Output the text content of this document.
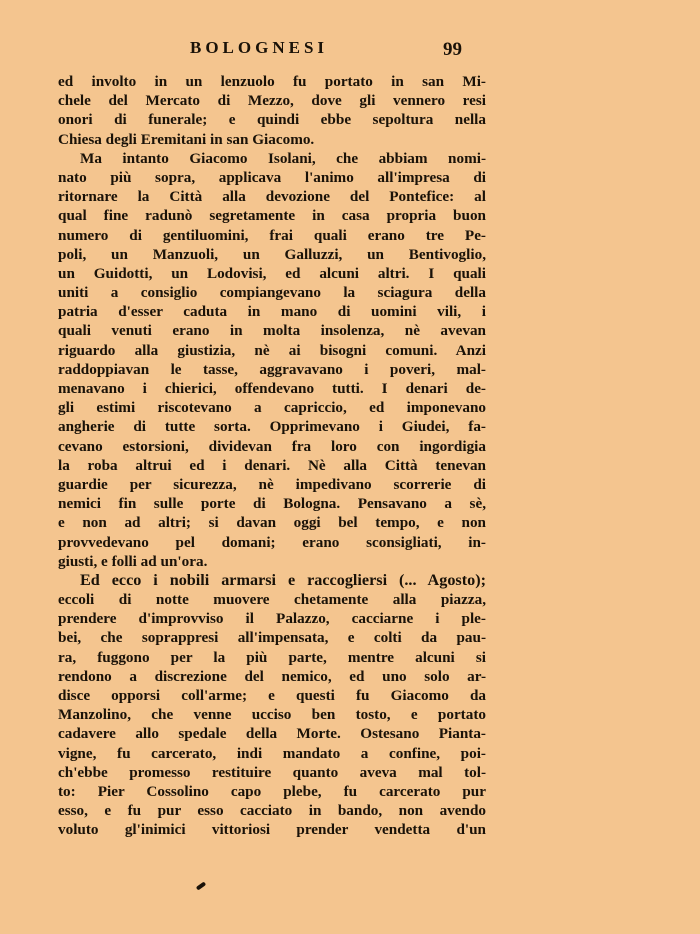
BOLOGNESI	99
ed involto in un lenzuolo fu portato in san Mi-
chele del Mercato di Mezzo, dove gli vennero resi
onori di funerale; e quindi ebbe sepoltura nella
Chiesa degli Eremitani in san Giacomo.
Ma intanto Giacomo Isolani, che abbiam nomi-
nato più sopra, applicava l'animo all'impresa di
ritornare la Città alla devozione del Pontefice: al
qual fine radunò segretamente in casa propria buon
numero di gentiluomini, frai quali erano tre Pe-
poli, un Manzuoli, un Galluzzi, un Bentivoglio,
un Guidotti, un Lodovisi, ed alcuni altri. I quali
uniti a consiglio compiangevano la sciagura della
patria d'esser caduta in mano di uomini vili, i
quali venuti erano in molta insolenza, nè avevan
riguardo alla giustizia, nè ai bisogni comuni. Anzi
raddoppiavan le tasse, aggravavano i poveri, mal-
menavano i chierici, offendevano tutti. I denari de-
gli estimi riscotevano a capriccio, ed imponevano
angherie di tutte sorta. Opprimevano i Giudei, fa-
cevano estorsioni, dividevan fra loro con ingordigia
la roba altrui ed i denari. Nè alla Città tenevan
guardie per sicurezza, nè impedivano scorrerie di
nemici fin sulle porte di Bologna. Pensavano a sè,
e non ad altri; si davan oggi bel tempo, e non
provvedevano pel domani; erano sconsigliati, in-
giusti, e folli ad un'ora.
Ed ecco i nobili armarsi e raccogliersi (... Agosto);
eccoli di notte muovere chetamente alla piazza,
prendere d'improvviso il Palazzo, cacciarne i ple-
bei, che soprappresi all'impensata, e colti da pau-
ra, fuggono per la più parte, mentre alcuni si
rendono a discrezione del nemico, ed uno solo ar-
disce opporsi coll'arme; e questi fu Giacomo da
Manzolino, che venne ucciso ben tosto, e portato
cadavere allo spedale della Morte. Ostesano Pianta-
vigne, fu carcerato, indi mandato a confine, poi-
ch'ebbe promesso restituire quanto aveva mal tol-
to: Pier Cossolino capo plebe, fu carcerato pur
esso, e fu pur esso cacciato in bando, non avendo
voluto gl'inimici vittoriosi prender vendetta d'un
